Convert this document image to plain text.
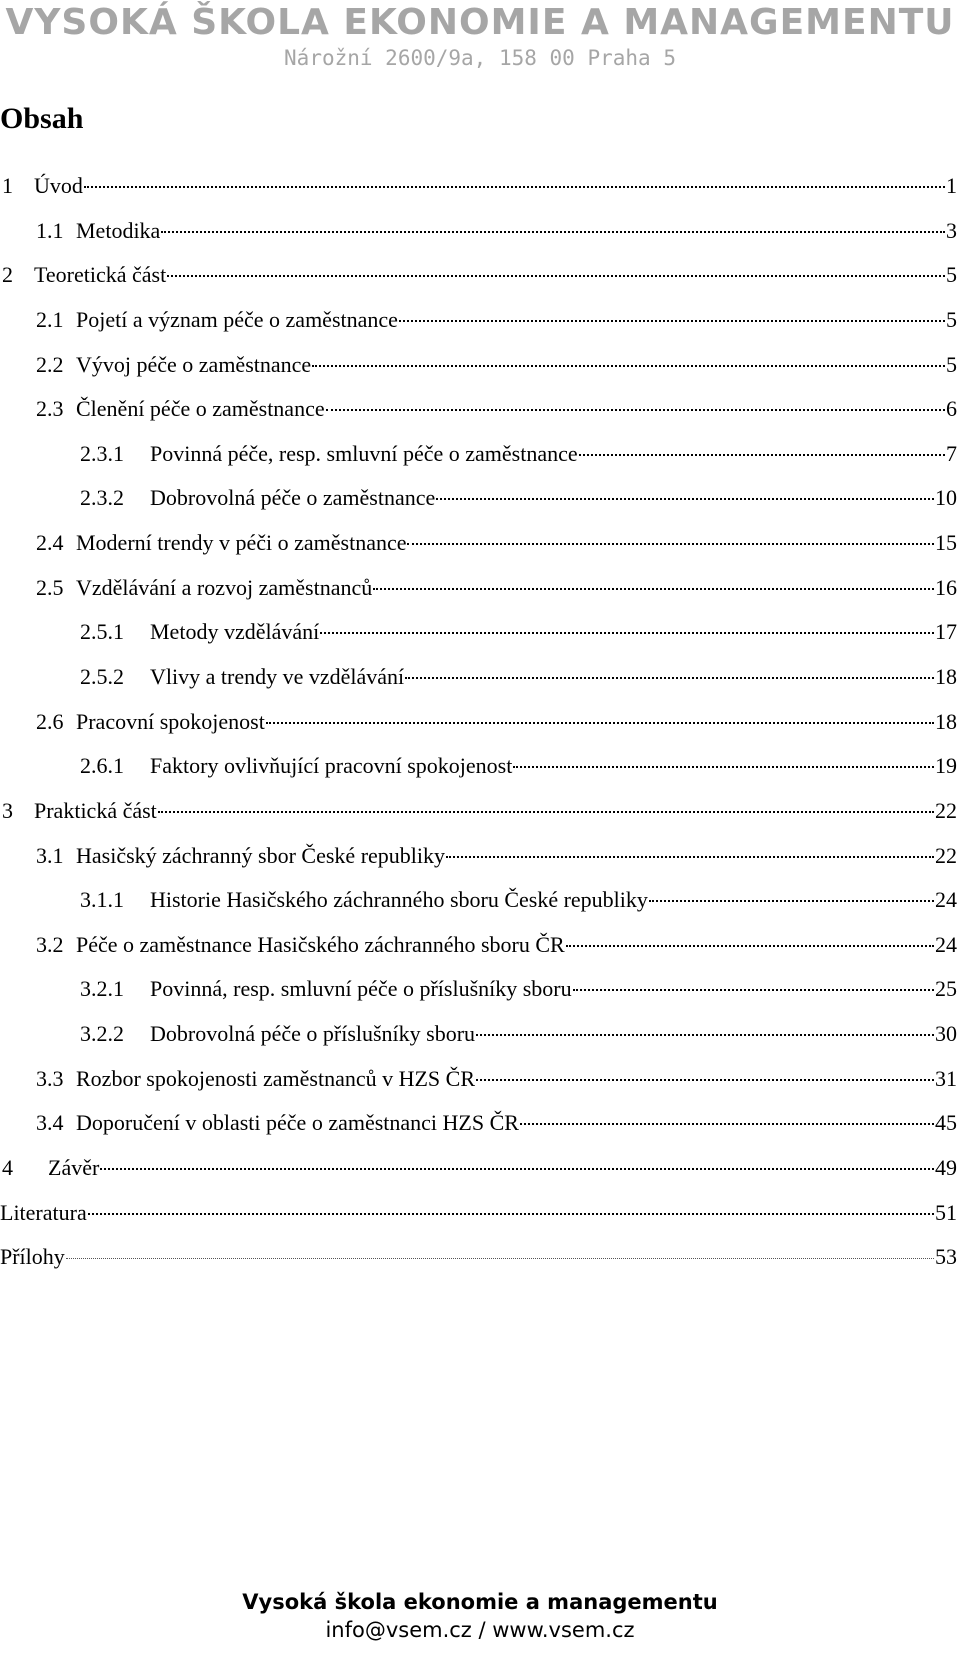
VYSOKÁ ŠKOLA EKONOMIE A MANAGEMENTU
Nárožní 2600/9a, 158 00 Praha 5
Obsah
1 Úvod	1
1.1 Metodika	3
2 Teoretická část	5
2.1 Pojetí a význam péče o zaměstnance	5
2.2 Vývoj péče o zaměstnance	5
2.3 Členění péče o zaměstnance	6
2.3.1	Povinná péče, resp. smluvní péče o zaměstnance	7
2.3.2	Dobrovolná péče o zaměstnance	10
2.4 Moderní trendy v péči o zaměstnance	15
2.5 Vzdělávání a rozvoj zaměstnanců	16
2.5.1	Metody vzdělávání	17
2.5.2	Vlivy a trendy ve vzdělávání	18
2.6 Pracovní spokojenost	18
2.6.1	Faktory ovlivňující pracovní spokojenost	19
3 Praktická část	22
3.1 Hasičský záchranný sbor České republiky	22
3.1.1	Historie Hasičského záchranného sboru České republiky	24
3.2 Péče o zaměstnance Hasičského záchranného sboru ČR	24
3.2.1	Povinná, resp. smluvní péče o příslušníky sboru	25
3.2.2	Dobrovolná péče o příslušníky sboru	30
3.3 Rozbor spokojenosti zaměstnanců v HZS ČR	31
3.4 Doporučení v oblasti péče o zaměstnanci HZS ČR	45
4	Závěr	49
Literatura	51
Přílohy	53
Vysoká škola ekonomie a managementu
info@vsem.cz / www.vsem.cz
